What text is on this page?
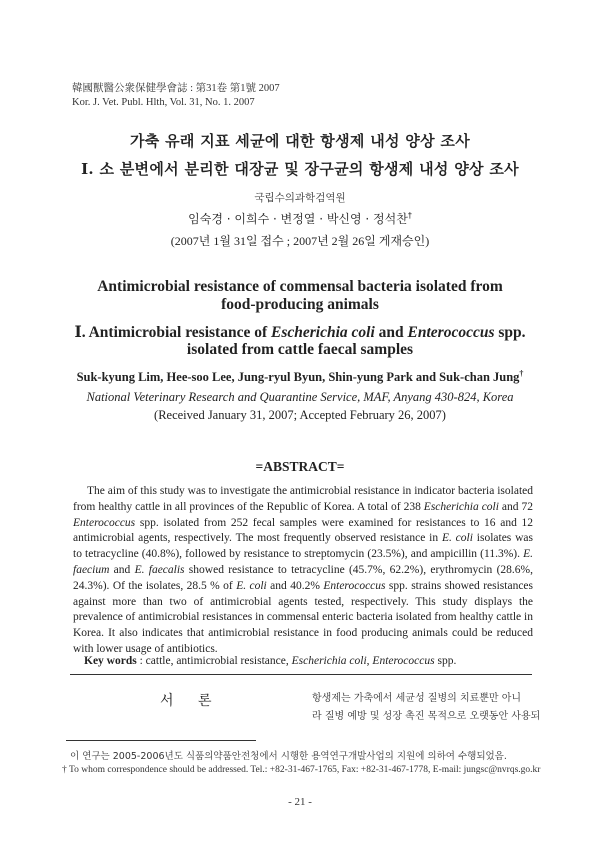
韓國獸醫公衆保健學會誌 : 第31卷 第1號 2007
Kor. J. Vet. Publ. Hlth, Vol. 31, No. 1. 2007
가축 유래 지표 세균에 대한 항생제 내성 양상 조사
Ⅰ. 소 분변에서 분리한 대장균 및 장구균의 항생제 내성 양상 조사
국립수의과학검역원
임숙경 · 이희수 · 변정열 · 박신영 · 정석찬†
(2007년 1월 31일 접수 ; 2007년 2월 26일 게재승인)
Antimicrobial resistance of commensal bacteria isolated from
food-producing animals
Ⅰ. Antimicrobial resistance of Escherichia coli and Enterococcus spp.
isolated from cattle faecal samples
Suk-kyung Lim, Hee-soo Lee, Jung-ryul Byun, Shin-yung Park and Suk-chan Jung†
National Veterinary Research and Quarantine Service, MAF, Anyang 430-824, Korea
(Received January 31, 2007; Accepted February 26, 2007)
=ABSTRACT=
The aim of this study was to investigate the antimicrobial resistance in indicator bacteria isolated from healthy cattle in all provinces of the Republic of Korea. A total of 238 Escherichia coli and 72 Enterococcus spp. isolated from 252 fecal samples were examined for resistances to 16 and 12 antimicrobial agents, respectively. The most frequently observed resistance in E. coli isolates was to tetracycline (40.8%), followed by resistance to streptomycin (23.5%), and ampicillin (11.3%). E. faecium and E. faecalis showed resistance to tetracycline (45.7%, 62.2%), erythromycin (28.6%, 24.3%). Of the isolates, 28.5 % of E. coli and 40.2% Enterococcus spp. strains showed resistances against more than two of antimicrobial agents tested, respectively. This study displays the prevalence of antimicrobial resistances in commensal enteric bacteria isolated from healthy cattle in Korea. It also indicates that antimicrobial resistance in food producing animals could be reduced with lower usage of antibiotics.
Key words : cattle, antimicrobial resistance, Escherichia coli, Enterococcus spp.
서 론	항생제는 가축에서 세균성 질병의 치료뿐만 아니
라 질병 예방 및 성장 촉진 목적으로 오랫동안 사용되
이 연구는 2005-2006년도 식품의약품안전청에서 시행한 용역연구개발사업의 지원에 의하여 수행되었음.
† To whom correspondence should be addressed. Tel.: +82-31-467-1765, Fax: +82-31-467-1778, E-mail: jungsc@nvrqs.go.kr
- 21 -
